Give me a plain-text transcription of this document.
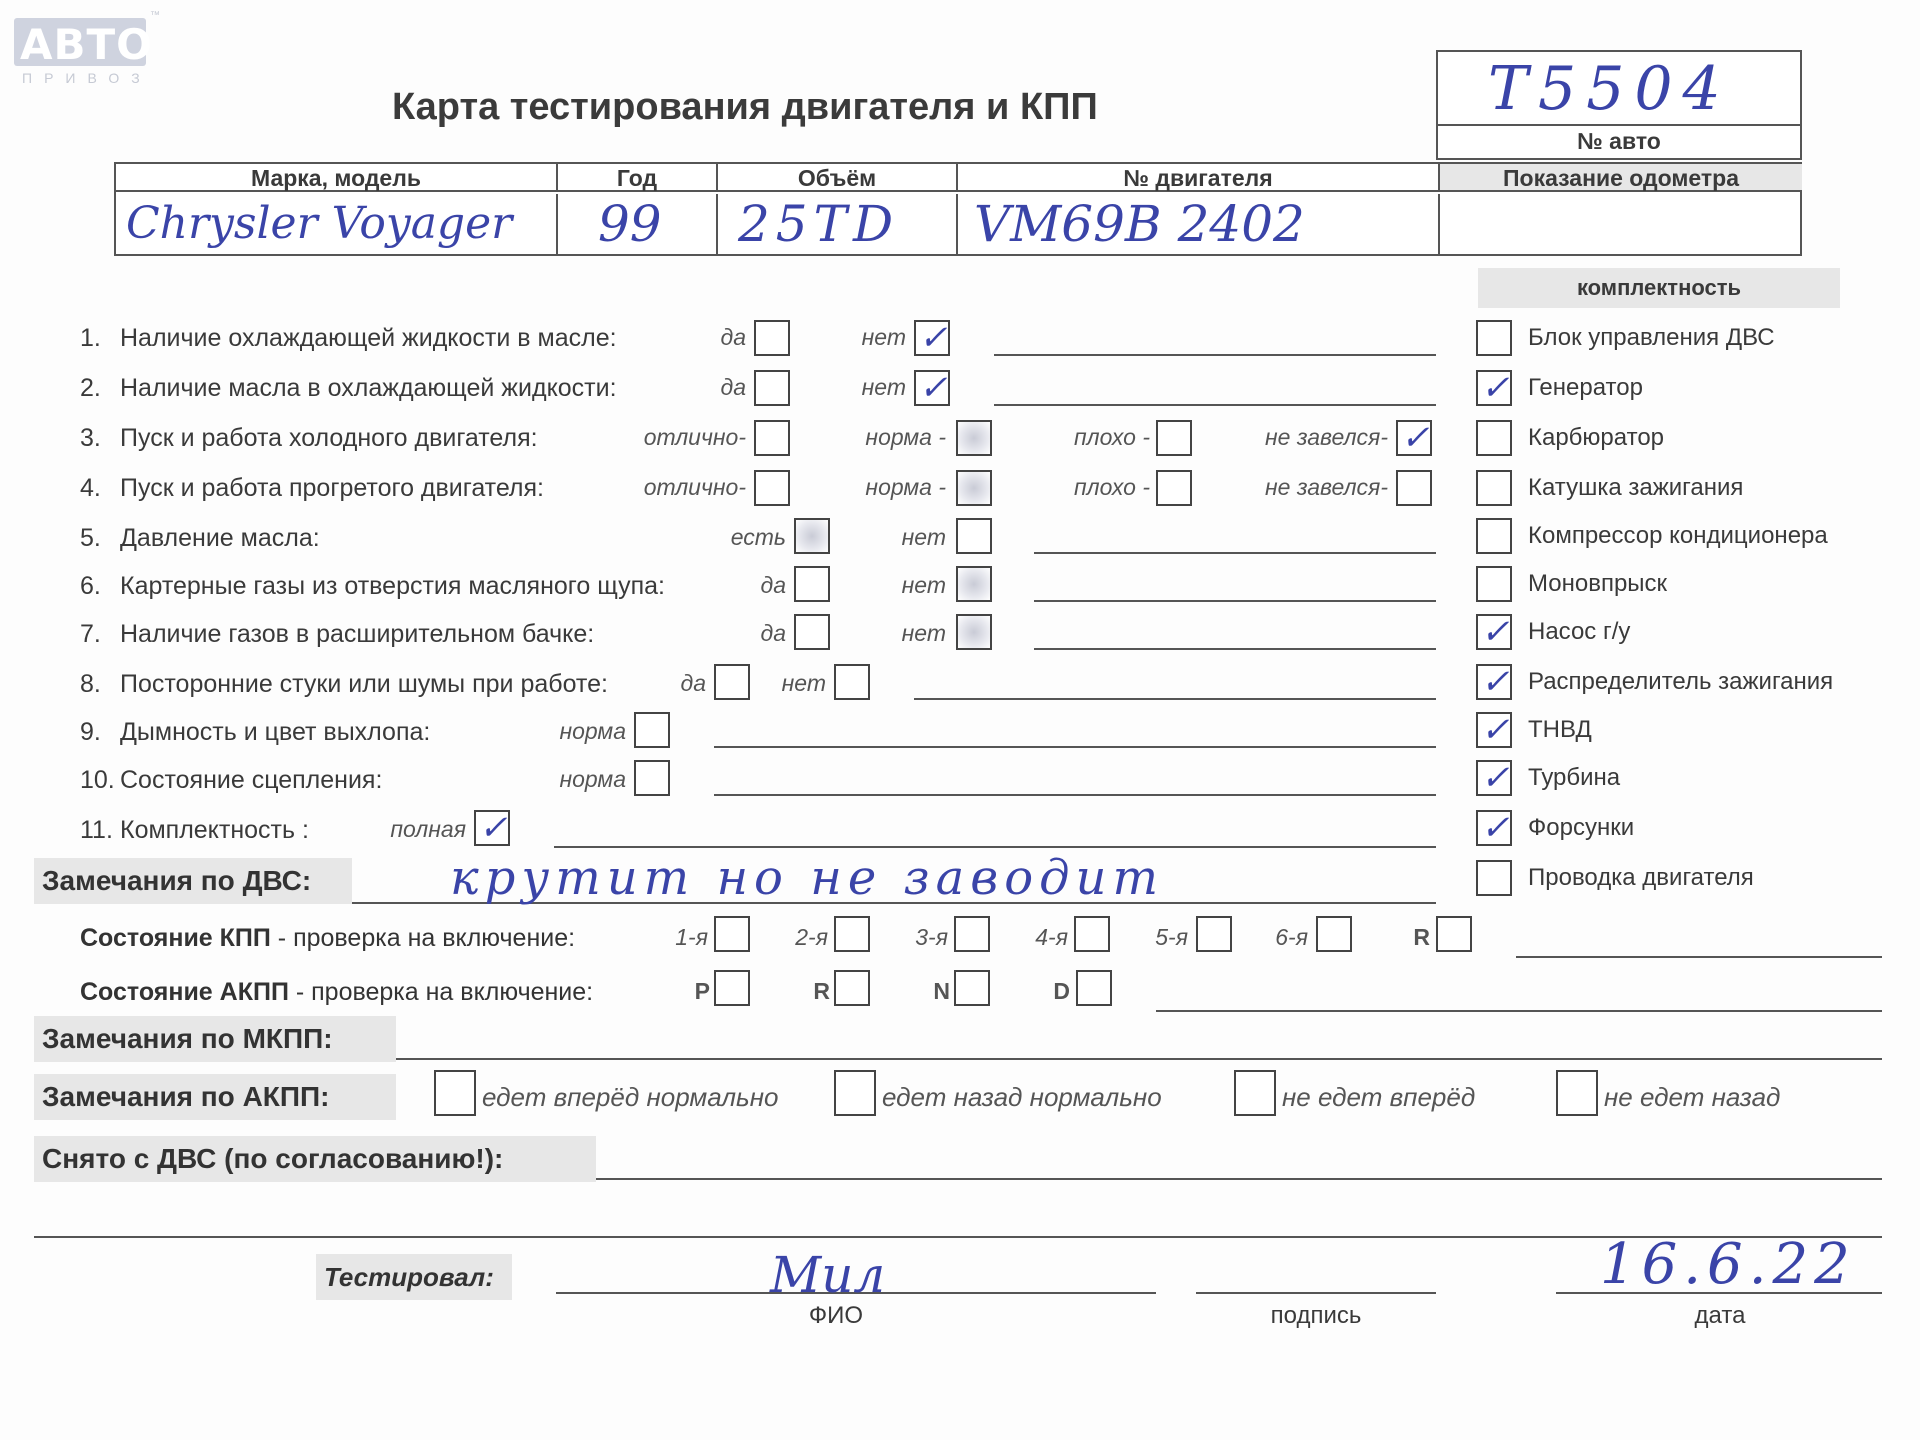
АВТО
ПРИВОЗ
™
Карта тестирования двигателя и КПП	T5504
№ авто
Марка, модель	Год	Объём	№ двигателя	Показание одометра
Chrysler Voyager	99	25TD	VM69B 2402
1. Наличие охлаждающей жидкости в масле:	да	нет ✓
2. Наличие масла в охлаждающей жидкости:	да	нет ✓
3. Пуск и работа холодного двигателя:	отлично-	норма -	плохо -	не завелся- ✓
4. Пуск и работа прогретого двигателя:	отлично-	норма -	плохо -	не завелся-
5. Давление масла:	есть	нет
6. Картерные газы из отверстия масляного щупа:	да	нет
7. Наличие газов в расширительном бачке:	да	нет
8. Посторонние стуки или шумы при работе:	да	нет
9. Дымность и цвет выхлопа:	норма
10. Состояние сцепления:	норма
11. Комплектность :	полная ✓
комплектность
Блок управления ДВС
✓ Генератор
Карбюратор
Катушка зажигания
Компрессор кондиционера
Моновпрыск
✓ Насос г/у
✓ Распределитель зажигания
✓ ТНВД
✓ Турбина
✓ Форсунки
Проводка двигателя
Замечания по ДВС:	крутит но не заводит
Состояние КПП - проверка на включение:	1-я	2-я	3-я	4-я	5-я	6-я	R
Состояние АКПП - проверка на включение:	P	R	N	D
Замечания по МКПП:
Замечания по АКПП:	едет вперёд нормально	едет назад нормально	не едет вперёд	не едет назад
Снято с ДВС (по согласованию!):
Тестировал:	Мил
ФИО	подпись
16.6.22
дата
